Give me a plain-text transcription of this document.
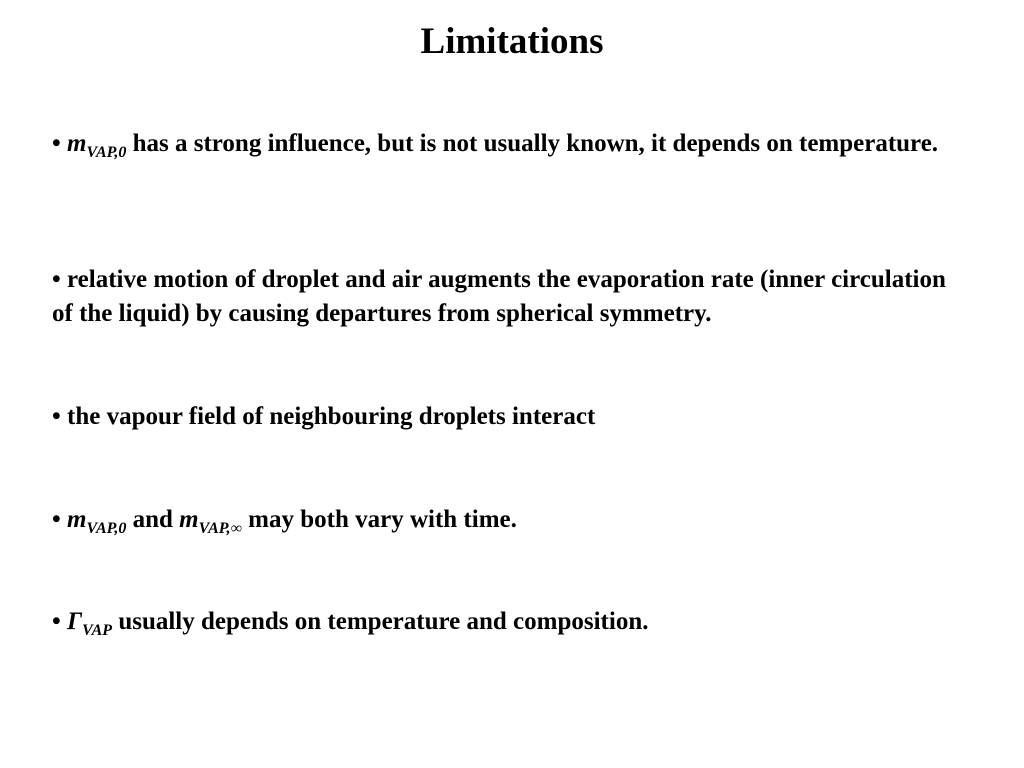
Limitations
• $m_{VAP,0}$ has a strong influence, but is not usually known, it depends on temperature.
• relative motion of droplet and air augments the evaporation rate (inner circulation of the liquid) by causing departures from spherical symmetry.
• the vapour field of neighbouring droplets interact
• $m_{VAP,0}$ and $m_{VAP,\infty}$ may both vary with time.
• $\Gamma_{VAP}$ usually depends on temperature and composition.
